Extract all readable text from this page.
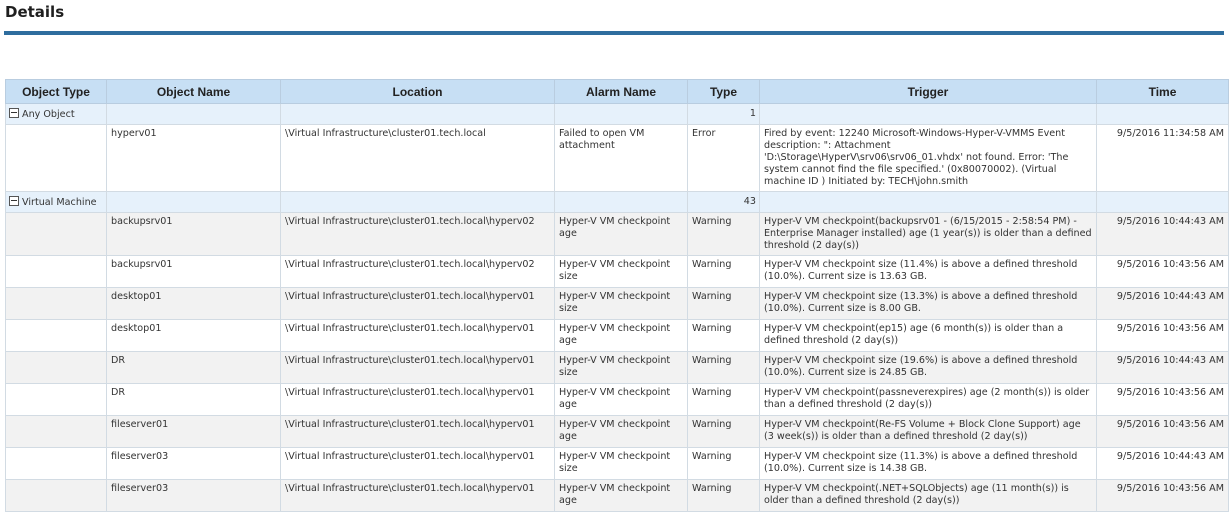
Details
Object Type	Object Name	Location	Alarm Name	Type	Trigger	Time
Any Object				1		
	hyperv01	\Virtual Infrastructure\cluster01.tech.local	Failed to open VM attachment	Error	Fired by event: 12240 Microsoft-Windows-Hyper-V-VMMS Event description: ": Attachment 'D:\Storage\HyperV\srv06\srv06_01.vhdx' not found. Error: 'The system cannot find the file specified.' (0x80070002). (Virtual machine ID ) Initiated by: TECH\john.smith	9/5/2016 11:34:58 AM
Virtual Machine				43		
	backupsrv01	\Virtual Infrastructure\cluster01.tech.local\hyperv02	Hyper-V VM checkpoint age	Warning	Hyper-V VM checkpoint(backupsrv01 - (6/15/2015 - 2:58:54 PM) - Enterprise Manager installed) age (1 year(s)) is older than a defined threshold (2 day(s))	9/5/2016 10:44:43 AM
	backupsrv01	\Virtual Infrastructure\cluster01.tech.local\hyperv02	Hyper-V VM checkpoint size	Warning	Hyper-V VM checkpoint size (11.4%) is above a defined threshold (10.0%). Current size is 13.63 GB.	9/5/2016 10:43:56 AM
	desktop01	\Virtual Infrastructure\cluster01.tech.local\hyperv01	Hyper-V VM checkpoint size	Warning	Hyper-V VM checkpoint size (13.3%) is above a defined threshold (10.0%). Current size is 8.00 GB.	9/5/2016 10:44:43 AM
	desktop01	\Virtual Infrastructure\cluster01.tech.local\hyperv01	Hyper-V VM checkpoint age	Warning	Hyper-V VM checkpoint(ep15) age (6 month(s)) is older than a defined threshold (2 day(s))	9/5/2016 10:43:56 AM
	DR	\Virtual Infrastructure\cluster01.tech.local\hyperv01	Hyper-V VM checkpoint size	Warning	Hyper-V VM checkpoint size (19.6%) is above a defined threshold (10.0%). Current size is 24.85 GB.	9/5/2016 10:44:43 AM
	DR	\Virtual Infrastructure\cluster01.tech.local\hyperv01	Hyper-V VM checkpoint age	Warning	Hyper-V VM checkpoint(passneverexpires) age (2 month(s)) is older than a defined threshold (2 day(s))	9/5/2016 10:43:56 AM
	fileserver01	\Virtual Infrastructure\cluster01.tech.local\hyperv01	Hyper-V VM checkpoint age	Warning	Hyper-V VM checkpoint(Re-FS Volume + Block Clone Support) age (3 week(s)) is older than a defined threshold (2 day(s))	9/5/2016 10:43:56 AM
	fileserver03	\Virtual Infrastructure\cluster01.tech.local\hyperv01	Hyper-V VM checkpoint size	Warning	Hyper-V VM checkpoint size (11.3%) is above a defined threshold (10.0%). Current size is 14.38 GB.	9/5/2016 10:44:43 AM
	fileserver03	\Virtual Infrastructure\cluster01.tech.local\hyperv01	Hyper-V VM checkpoint age	Warning	Hyper-V VM checkpoint(.NET+SQLObjects) age (11 month(s)) is older than a defined threshold (2 day(s))	9/5/2016 10:43:56 AM
